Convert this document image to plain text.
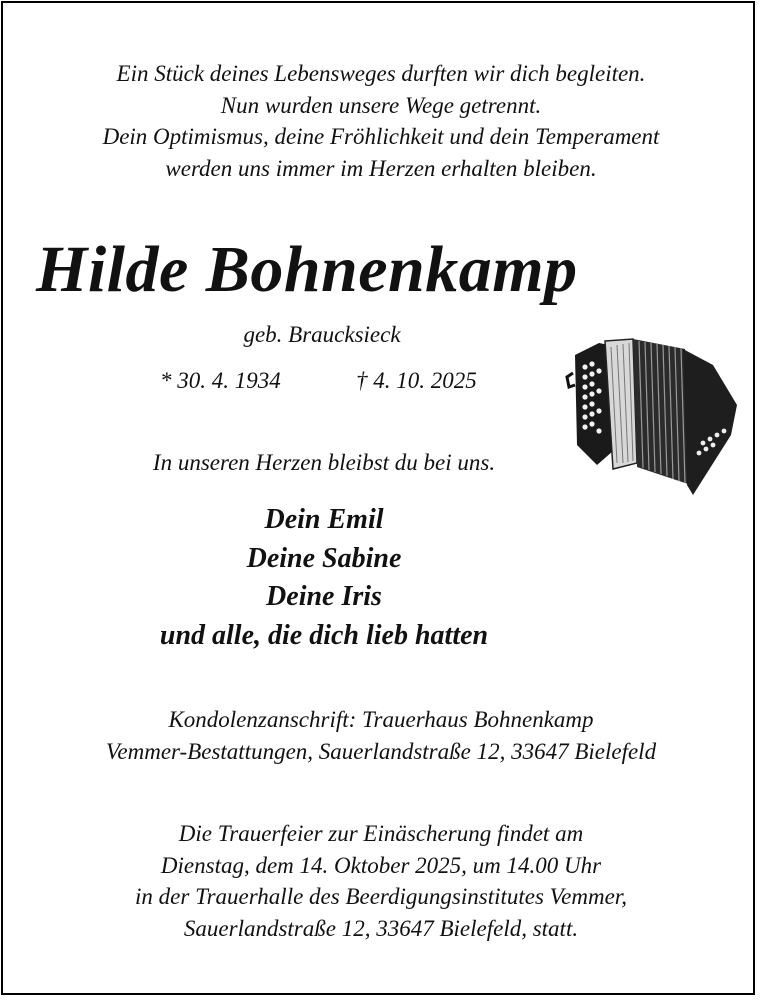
Ein Stück deines Lebensweges durften wir dich begleiten.
Nun wurden unsere Wege getrennt.
Dein Optimismus, deine Fröhlichkeit und dein Temperament
werden uns immer im Herzen erhalten bleiben.
Hilde Bohnenkamp
geb. Braucksieck
* 30. 4. 1934	† 4. 10. 2025
In unseren Herzen bleibst du bei uns.
Dein Emil
Deine Sabine
Deine Iris
und alle, die dich lieb hatten
Kondolenzanschrift: Trauerhaus Bohnenkamp
Vemmer-Bestattungen, Sauerlandstraße 12, 33647 Bielefeld
Die Trauerfeier zur Einäscherung findet am
Dienstag, dem 14. Oktober 2025, um 14.00 Uhr
in der Trauerhalle des Beerdigungsinstitutes Vemmer,
Sauerlandstraße 12, 33647 Bielefeld, statt.
